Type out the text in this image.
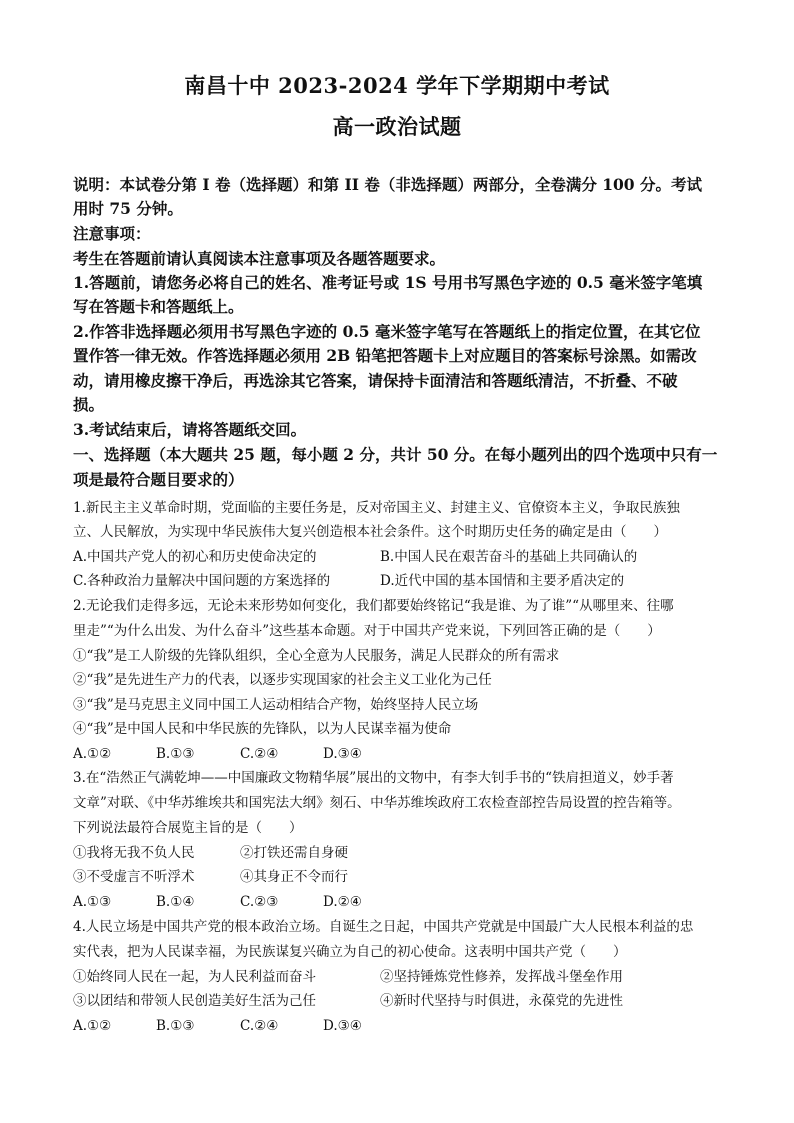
南昌十中 2023-2024 学年下学期期中考试
高一政治试题
说明：本试卷分第 I 卷（选择题）和第 II 卷（非选择题）两部分，全卷满分 100 分。考试
用时 75 分钟。
注意事项：
考生在答题前请认真阅读本注意事项及各题答题要求。
1.答题前，请您务必将自己的姓名、准考证号或 1S 号用书写黑色字迹的 0.5 毫米签字笔填
写在答题卡和答题纸上。
2.作答非选择题必须用书写黑色字迹的 0.5 毫米签字笔写在答题纸上的指定位置，在其它位
置作答一律无效。作答选择题必须用 2B 铅笔把答题卡上对应题目的答案标号涂黑。如需改
动，请用橡皮擦干净后，再选涂其它答案，请保持卡面清洁和答题纸清洁，不折叠、不破
损。
3.考试结束后，请将答题纸交回。
一、选择题（本大题共 25 题，每小题 2 分，共计 50 分。在每小题列出的四个选项中只有一
项是最符合题目要求的）
1.新民主主义革命时期，党面临的主要任务是，反对帝国主义、封建主义、官僚资本主义，争取民族独
立、人民解放，为实现中华民族伟大复兴创造根本社会条件。这个时期历史任务的确定是由（　　）
A.中国共产党人的初心和历史使命决定的	B.中国人民在艰苦奋斗的基础上共同确认的
C.各种政治力量解决中国问题的方案选择的	D.近代中国的基本国情和主要矛盾决定的
2.无论我们走得多远，无论未来形势如何变化，我们都要始终铭记“我是谁、为了谁”“从哪里来、往哪
里走”“为什么出发、为什么奋斗”这些基本命题。对于中国共产党来说，下列回答正确的是（　　）
①“我”是工人阶级的先锋队组织，全心全意为人民服务，满足人民群众的所有需求
②“我”是先进生产力的代表，以逐步实现国家的社会主义工业化为己任
③“我”是马克思主义同中国工人运动相结合产物，始终坚持人民立场
④“我”是中国人民和中华民族的先锋队，以为人民谋幸福为使命
A.①②	B.①③	C.②④	D.③④
3.在“浩然正气满乾坤——中国廉政文物精华展”展出的文物中，有李大钊手书的“铁肩担道义，妙手著
文章”对联、《中华苏维埃共和国宪法大纲》刻石、中华苏维埃政府工农检查部控告局设置的控告箱等。
下列说法最符合展览主旨的是（　　）
①我将无我不负人民	②打铁还需自身硬
③不受虚言不听浮术	④其身正不令而行
A.①③	B.①④	C.②③	D.②④
4.人民立场是中国共产党的根本政治立场。自诞生之日起，中国共产党就是中国最广大人民根本利益的忠
实代表，把为人民谋幸福，为民族谋复兴确立为自己的初心使命。这表明中国共产党（　　）
①始终同人民在一起，为人民利益而奋斗	②坚持锤炼党性修养，发挥战斗堡垒作用
③以团结和带领人民创造美好生活为己任	④新时代坚持与时俱进，永葆党的先进性
A.①②	B.①③	C.②④	D.③④
